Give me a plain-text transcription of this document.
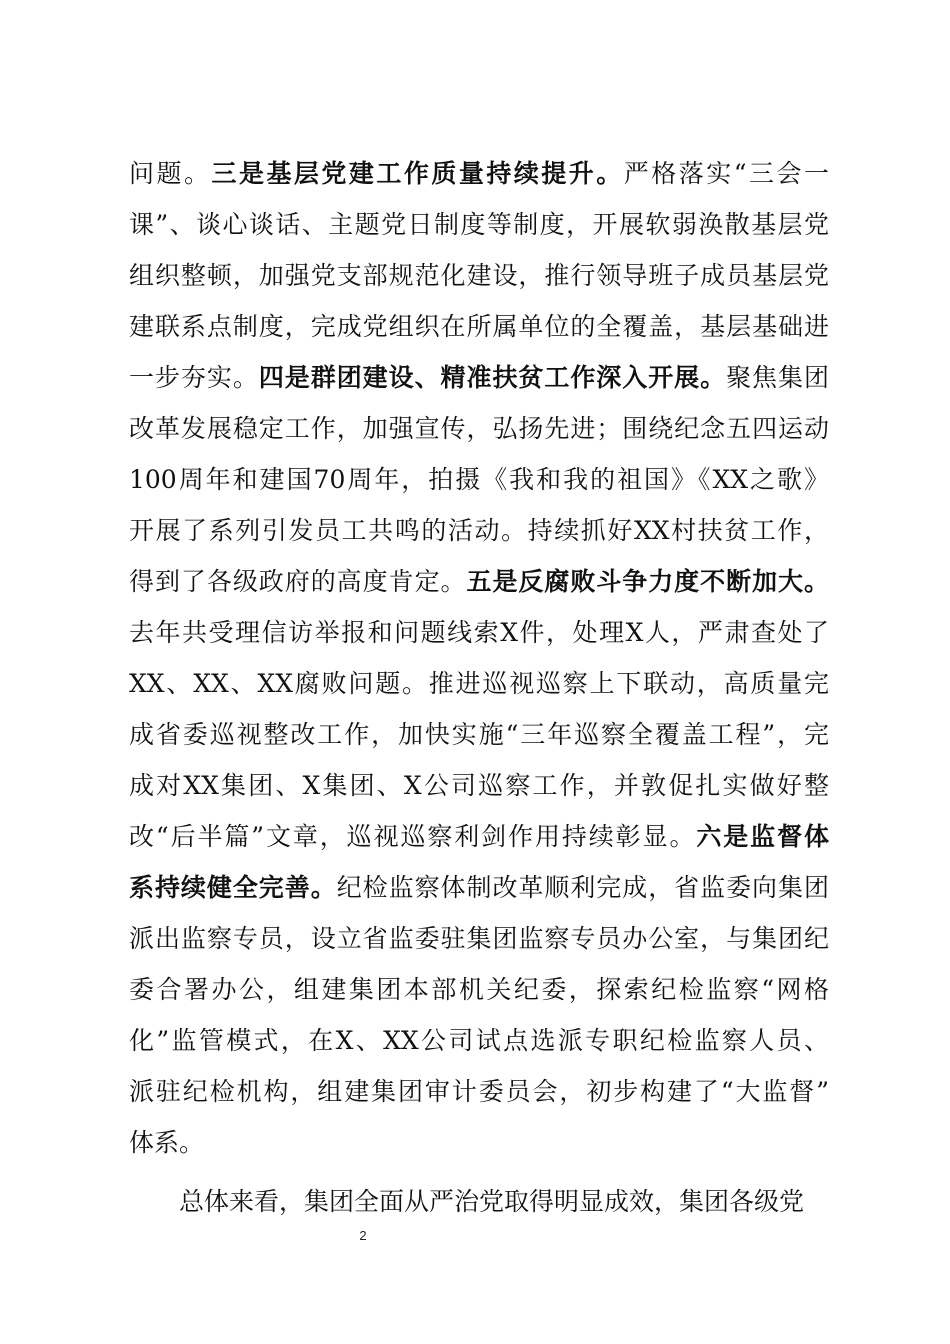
问题。三是基层党建工作质量持续提升。严格落实“三会一
课”、谈心谈话、主题党日制度等制度，开展软弱涣散基层党
组织整顿，加强党支部规范化建设，推行领导班子成员基层党
建联系点制度，完成党组织在所属单位的全覆盖，基层基础进
一步夯实。四是群团建设、精准扶贫工作深入开展。聚焦集团
改革发展稳定工作，加强宣传，弘扬先进；围绕纪念五四运动
100周年和建国70周年，拍摄《我和我的祖国》《XX之歌》
开展了系列引发员工共鸣的活动。持续抓好XX村扶贫工作，
得到了各级政府的高度肯定。五是反腐败斗争力度不断加大。
去年共受理信访举报和问题线索X件，处理X人，严肃查处了
XX、XX、XX腐败问题。推进巡视巡察上下联动，高质量完
成省委巡视整改工作，加快实施“三年巡察全覆盖工程”，完
成对XX集团、X集团、X公司巡察工作，并敦促扎实做好整
改“后半篇”文章，巡视巡察利剑作用持续彰显。六是监督体
系持续健全完善。纪检监察体制改革顺利完成，省监委向集团
派出监察专员，设立省监委驻集团监察专员办公室，与集团纪
委合署办公，组建集团本部机关纪委，探索纪检监察“网格
化”监管模式，在X、XX公司试点选派专职纪检监察人员、
派驻纪检机构，组建集团审计委员会，初步构建了“大监督”
体系。
　　总体来看，集团全面从严治党取得明显成效，集团各级党
2
